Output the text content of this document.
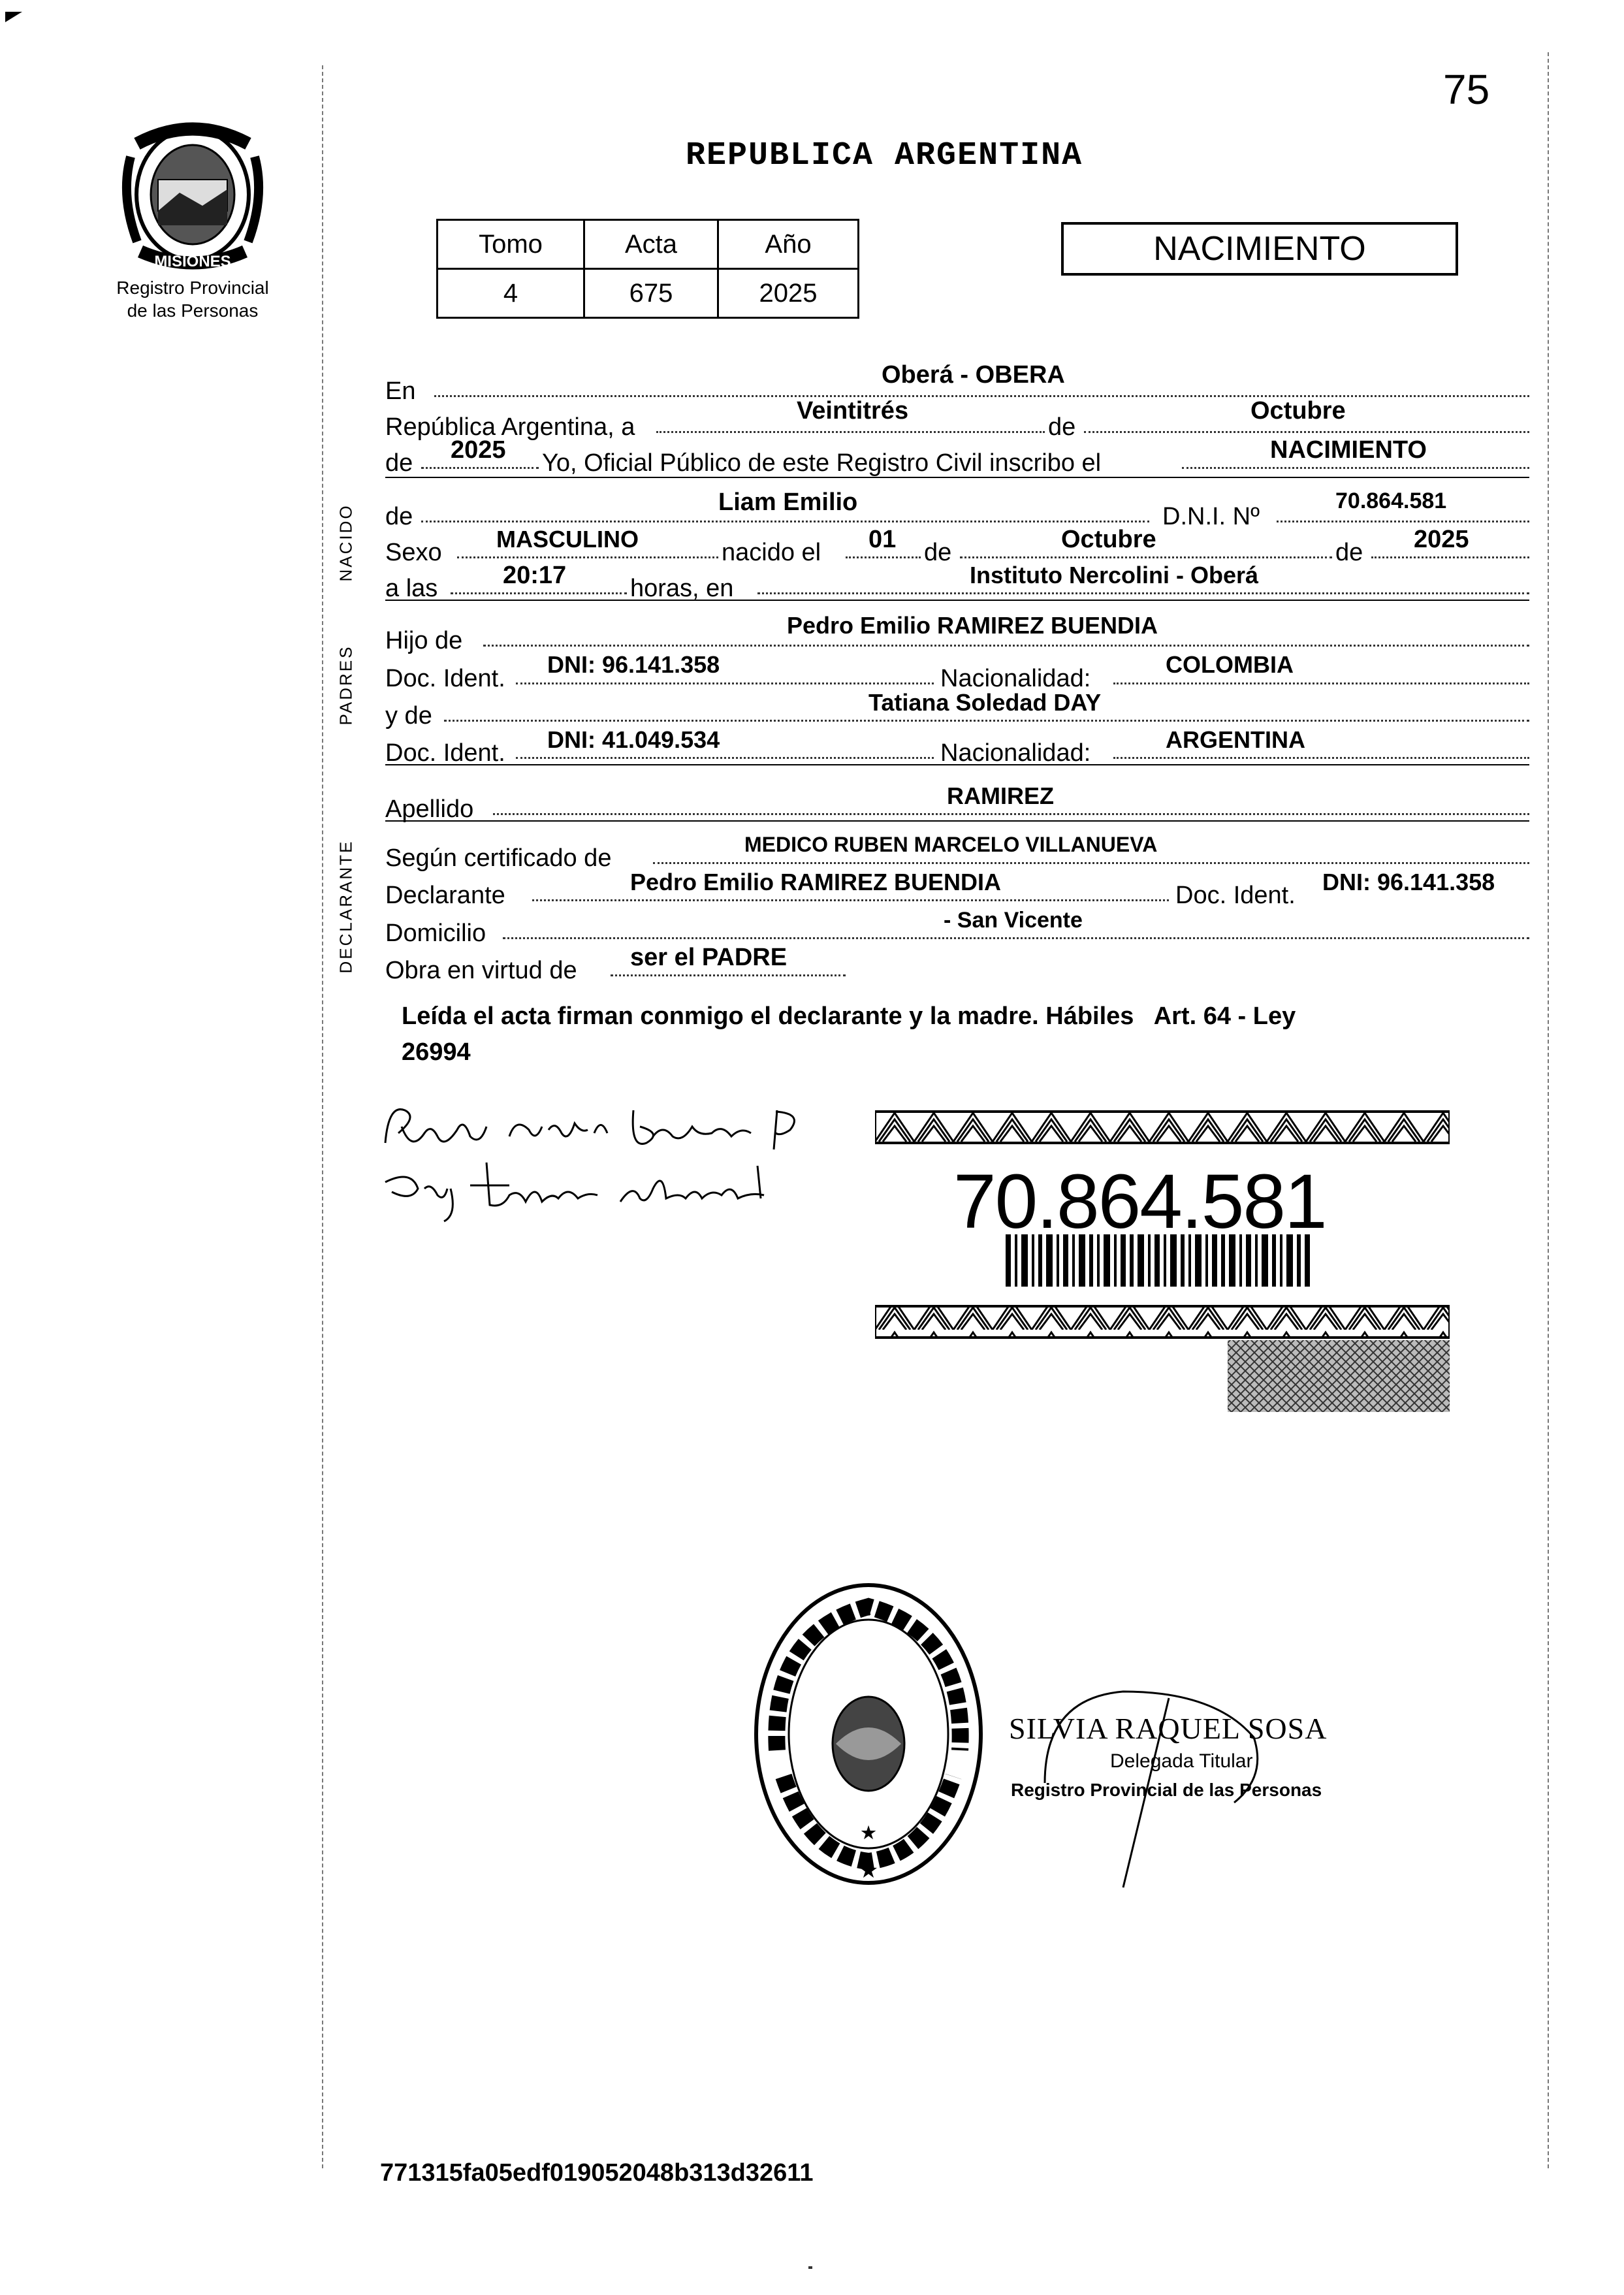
75
MISIONES
Registro Provincial
de las Personas
REPUBLICA ARGENTINA
Tomo	Acta	Año
4	675	2025
NACIMIENTO
NACIDO
PADRES
DECLARANTE
En
Oberá - OBERA
República Argentina, a
Veintitrés
de
Octubre
de 2025 Yo, Oficial Público de este Registro Civil inscribo el	NACIMIENTO
de
Liam Emilio
D.N.I. Nº
70.864.581
Sexo MASCULINO	nacido el 01 de	Octubre	de 2025
a las	20:17	horas, en	Instituto Nercolini - Oberá
Hijo de
Pedro Emilio RAMIREZ BUENDIA
Doc. Ident.
DNI: 96.141.358
Nacionalidad:
COLOMBIA
y de	Tatiana Soledad DAY
Doc. Ident. DNI: 41.049.534	Nacionalidad:	ARGENTINA
Apellido	RAMIREZ
Según certificado de	MEDICO RUBEN MARCELO VILLANUEVA
Declarante	Pedro Emilio RAMIREZ BUENDIA	Doc. Ident. DNI: 96.141.358
Domicilio	- San Vicente
Obra en virtud de ser el PADRE
Leída el acta firman conmigo el declarante y la madre. Hábiles   Art. 64 - Ley
26994
70.864.581
★
★
SILVIA RAQUEL SOSA
Delegada Titular
Registro Provincial de las Personas
771315fa05edf019052048b313d32611
